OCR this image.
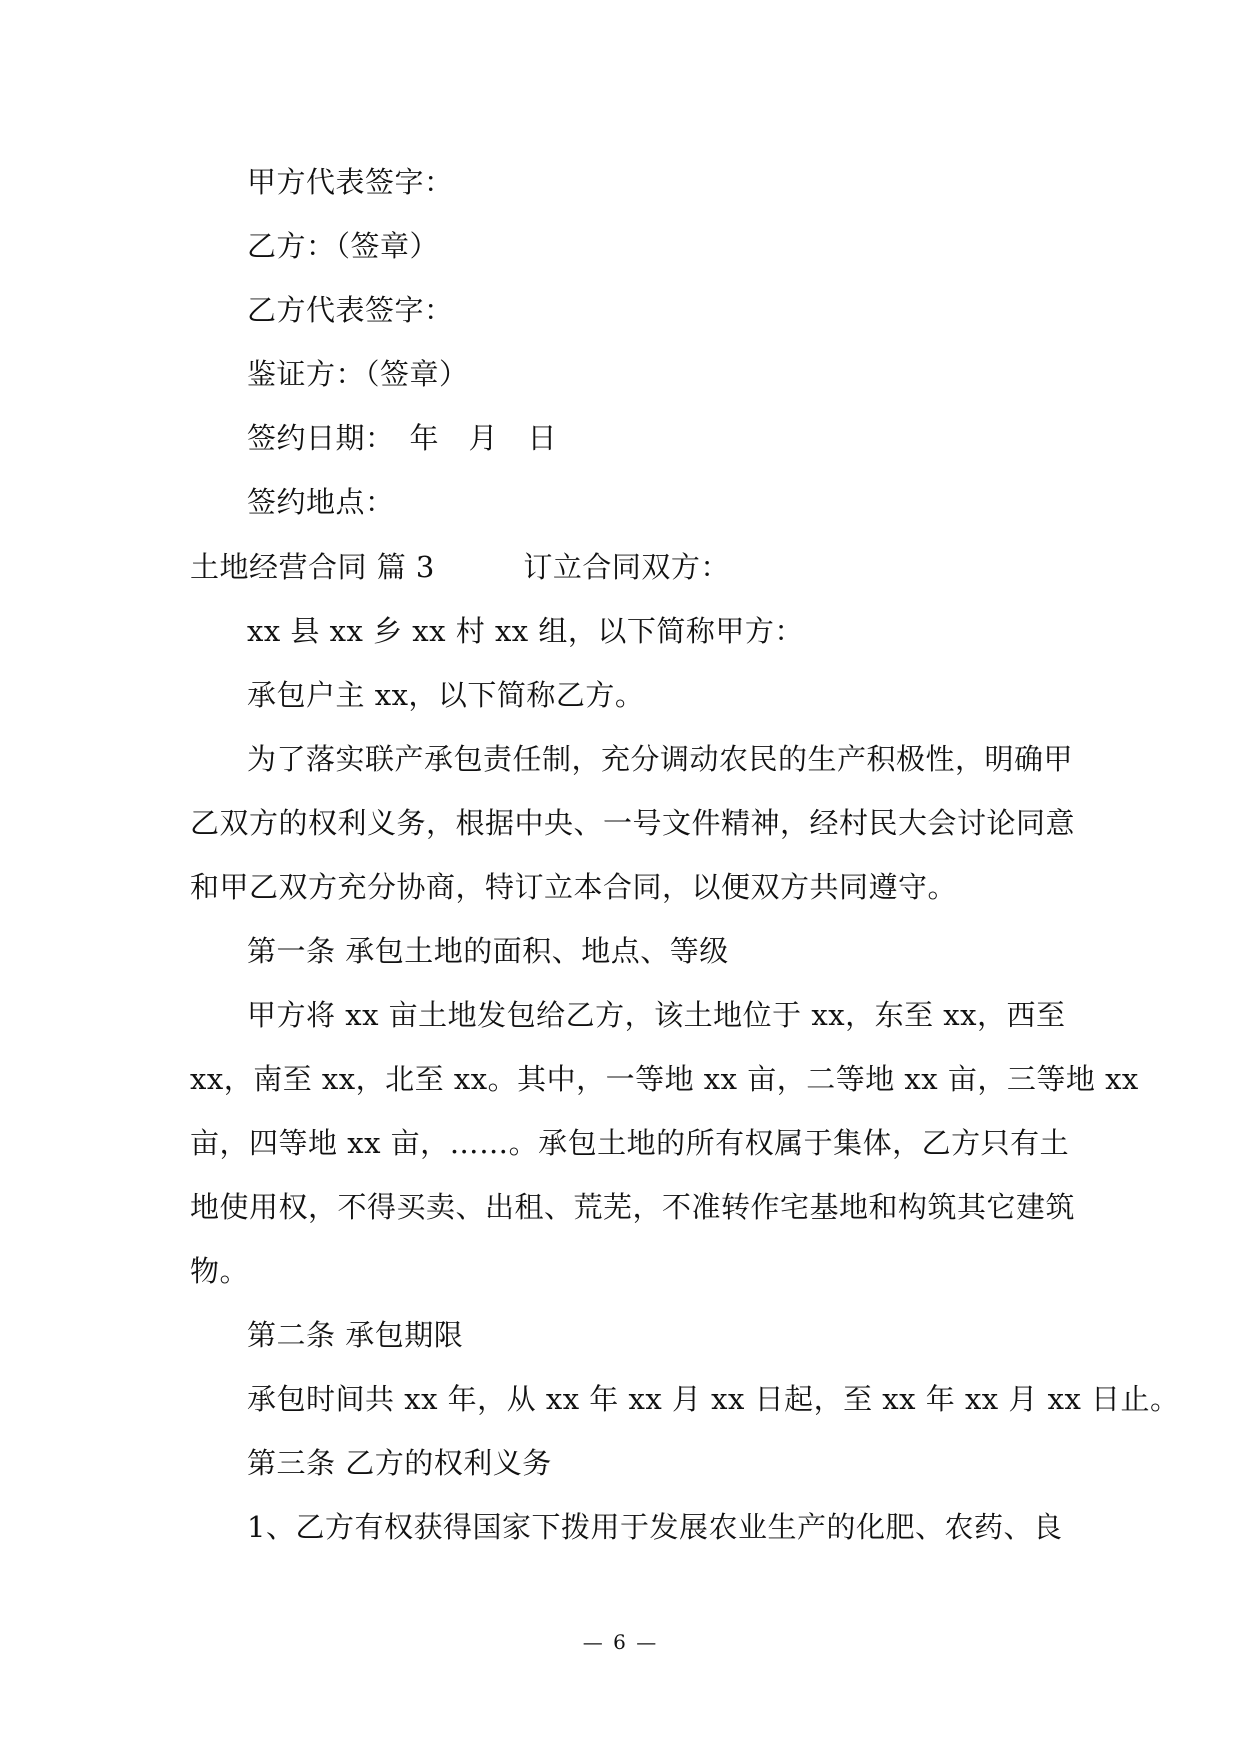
甲方代表签字：
乙方：（签章）
乙方代表签字：
鉴证方：（签章）
签约日期：　年　月　日
签约地点：
土地经营合同 篇 3　　　订立合同双方：
xx 县 xx 乡 xx 村 xx 组，以下简称甲方：
承包户主 xx，以下简称乙方。
为了落实联产承包责任制，充分调动农民的生产积极性，明确甲
乙双方的权利义务，根据中央、一号文件精神，经村民大会讨论同意
和甲乙双方充分协商，特订立本合同，以便双方共同遵守。
第一条 承包土地的面积、地点、等级
甲方将 xx 亩土地发包给乙方，该土地位于 xx，东至 xx，西至
xx，南至 xx，北至 xx。其中，一等地 xx 亩，二等地 xx 亩，三等地 xx
亩，四等地 xx 亩，……。承包土地的所有权属于集体，乙方只有土
地使用权，不得买卖、出租、荒芜，不准转作宅基地和构筑其它建筑
物。
第二条 承包期限
承包时间共 xx 年，从 xx 年 xx 月 xx 日起，至 xx 年 xx 月 xx 日止。
第三条 乙方的权利义务
1、乙方有权获得国家下拨用于发展农业生产的化肥、农药、良
— 6 —
